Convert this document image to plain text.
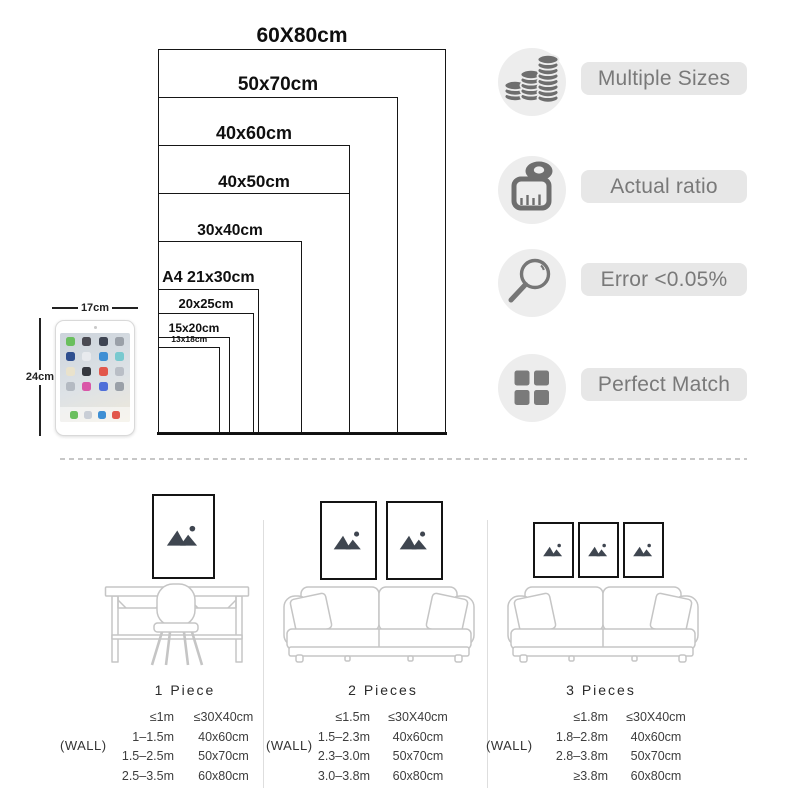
60X80cm
50x70cm
40x60cm
40x50cm
30x40cm
A4 21x30cm
20x25cm
15x20cm
13x18cm
17cm
24cm
Multiple Sizes
Actual ratio
Error <0.05%
Perfect Match
1 Piece
(WALL)
≤1m	≤30X40cm
1–1.5m	40x60cm
1.5–2.5m	50x70cm
2.5–3.5m	60x80cm
2 Pieces
(WALL)
≤1.5m	≤30X40cm
1.5–2.3m	40x60cm
2.3–3.0m	50x70cm
3.0–3.8m	60x80cm
3 Pieces
(WALL)
≤1.8m	≤30X40cm
1.8–2.8m	40x60cm
2.8–3.8m	50x70cm
≥3.8m	60x80cm
